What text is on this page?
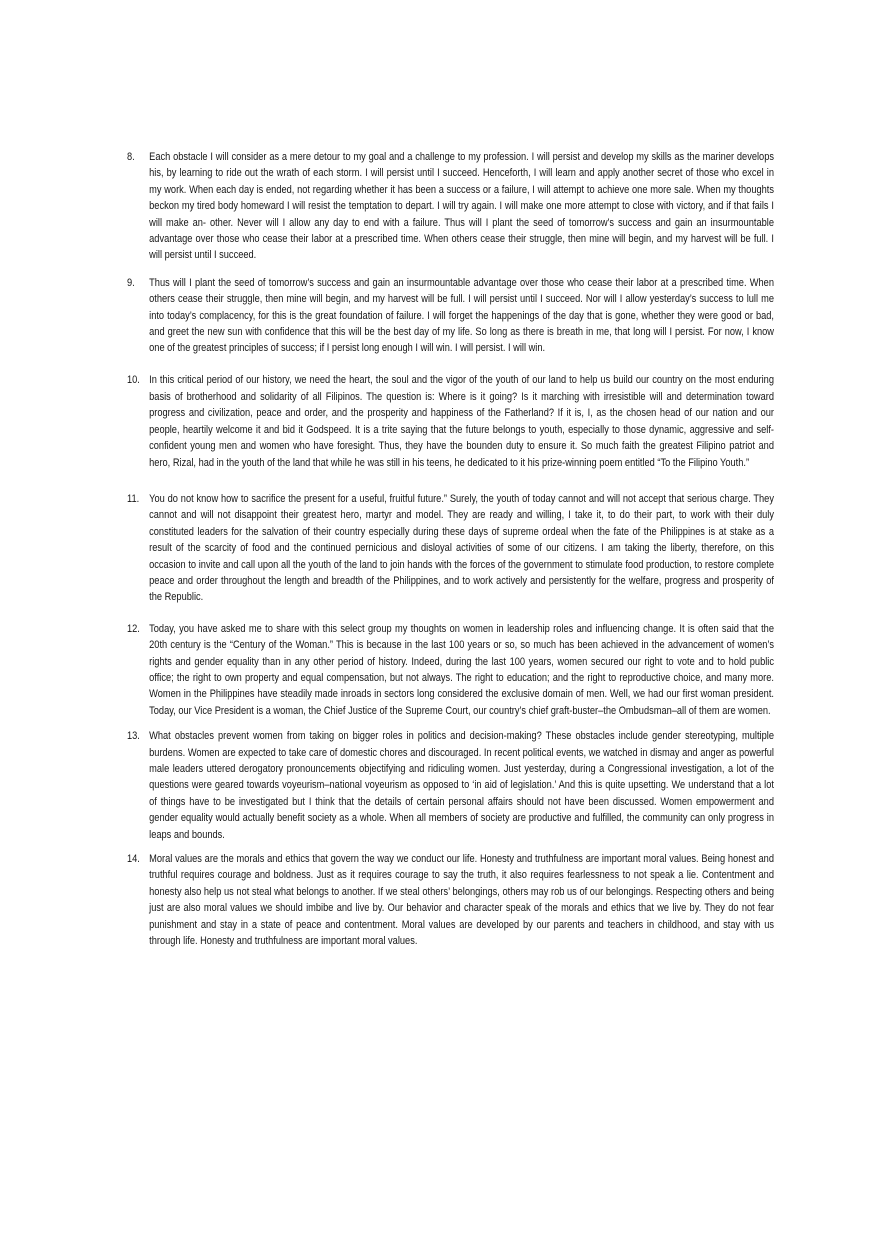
8.	Each obstacle I will consider as a mere detour to my goal and a challenge to my profession. I will persist and develop my skills as the mariner develops his, by learning to ride out the wrath of each storm. I will persist until I succeed. Henceforth, I will learn and apply another secret of those who excel in my work. When each day is ended, not regarding whether it has been a success or a failure, I will attempt to achieve one more sale. When my thoughts beckon my tired body homeward I will resist the temptation to depart. I will try again. I will make one more attempt to close with victory, and if that fails I will make an- other. Never will I allow any day to end with a failure. Thus will I plant the seed of tomorrow’s success and gain an insurmountable advantage over those who cease their labor at a prescribed time. When others cease their struggle, then mine will begin, and my harvest will be full. I will persist until I succeed.
9.	Thus will I plant the seed of tomorrow’s success and gain an insurmountable advantage over those who cease their labor at a prescribed time. When others cease their struggle, then mine will begin, and my harvest will be full. I will persist until I succeed. Nor will I allow yesterday’s success to lull me into today’s complacency, for this is the great foundation of failure. I will forget the happenings of the day that is gone, whether they were good or bad, and greet the new sun with confidence that this will be the best day of my life. So long as there is breath in me, that long will I persist. For now, I know one of the greatest principles of success; if I persist long enough I will win. I will persist. I will win.
10. In this critical period of our history, we need the heart, the soul and the vigor of the youth of our land to help us build our country on the most enduring basis of brotherhood and solidarity of all Filipinos. The question is: Where is it going? Is it marching with irresistible will and determination toward progress and civilization, peace and order, and the prosperity and happiness of the Fatherland? If it is, I, as the chosen head of our nation and our people, heartily welcome it and bid it Godspeed. It is a trite saying that the future belongs to youth, especially to those dynamic, aggressive and self-confident young men and women who have foresight. Thus, they have the bounden duty to ensure it. So much faith the greatest Filipino patriot and hero, Rizal, had in the youth of the land that while he was still in his teens, he dedicated to it his prize-winning poem entitled “To the Filipino Youth.”
11. You do not know how to sacrifice the present for a useful, fruitful future.” Surely, the youth of today cannot and will not accept that serious charge. They cannot and will not disappoint their greatest hero, martyr and model. They are ready and willing, I take it, to do their part, to work with their duly constituted leaders for the salvation of their country especially during these days of supreme ordeal when the fate of the Philippines is at stake as a result of the scarcity of food and the continued pernicious and disloyal activities of some of our citizens. I am taking the liberty, therefore, on this occasion to invite and call upon all the youth of the land to join hands with the forces of the government to stimulate food production, to restore complete peace and order throughout the length and breadth of the Philippines, and to work actively and persistently for the welfare, progress and prosperity of the Republic.
12. Today, you have asked me to share with this select group my thoughts on women in leadership roles and influencing change. It is often said that the 20th century is the “Century of the Woman.” This is because in the last 100 years or so, so much has been achieved in the advancement of women’s rights and gender equality than in any other period of history. Indeed, during the last 100 years, women secured our right to vote and to hold public office; the right to own property and equal compensation, but not always. The right to education; and the right to reproductive choice, and many more. Women in the Philippines have steadily made inroads in sectors long considered the exclusive domain of men. Well, we had our first woman president. Today, our Vice President is a woman, the Chief Justice of the Supreme Court, our country’s chief graft-buster–the Ombudsman–all of them are women.
13. What obstacles prevent women from taking on bigger roles in politics and decision-making? These obstacles include gender stereotyping, multiple burdens. Women are expected to take care of domestic chores and discouraged. In recent political events, we watched in dismay and anger as powerful male leaders uttered derogatory pronouncements objectifying and ridiculing women. Just yesterday, during a Congressional investigation, a lot of the questions were geared towards voyeurism–national voyeurism as opposed to ‘in aid of legislation.’ And this is quite upsetting. We understand that a lot of things have to be investigated but I think that the details of certain personal affairs should not have been discussed. Women empowerment and gender equality would actually benefit society as a whole. When all members of society are productive and fulfilled, the community can only progress in leaps and bounds.
14. Moral values are the morals and ethics that govern the way we conduct our life. Honesty and truthfulness are important moral values. Being honest and truthful requires courage and boldness. Just as it requires courage to say the truth, it also requires fearlessness to not speak a lie. Contentment and honesty also help us not steal what belongs to another. If we steal others’ belongings, others may rob us of our belongings. Respecting others and being just are also moral values we should imbibe and live by. Our behavior and character speak of the morals and ethics that we live by. They do not fear punishment and stay in a state of peace and contentment. Moral values are developed by our parents and teachers in childhood, and stay with us through life. Honesty and truthfulness are important moral values.
